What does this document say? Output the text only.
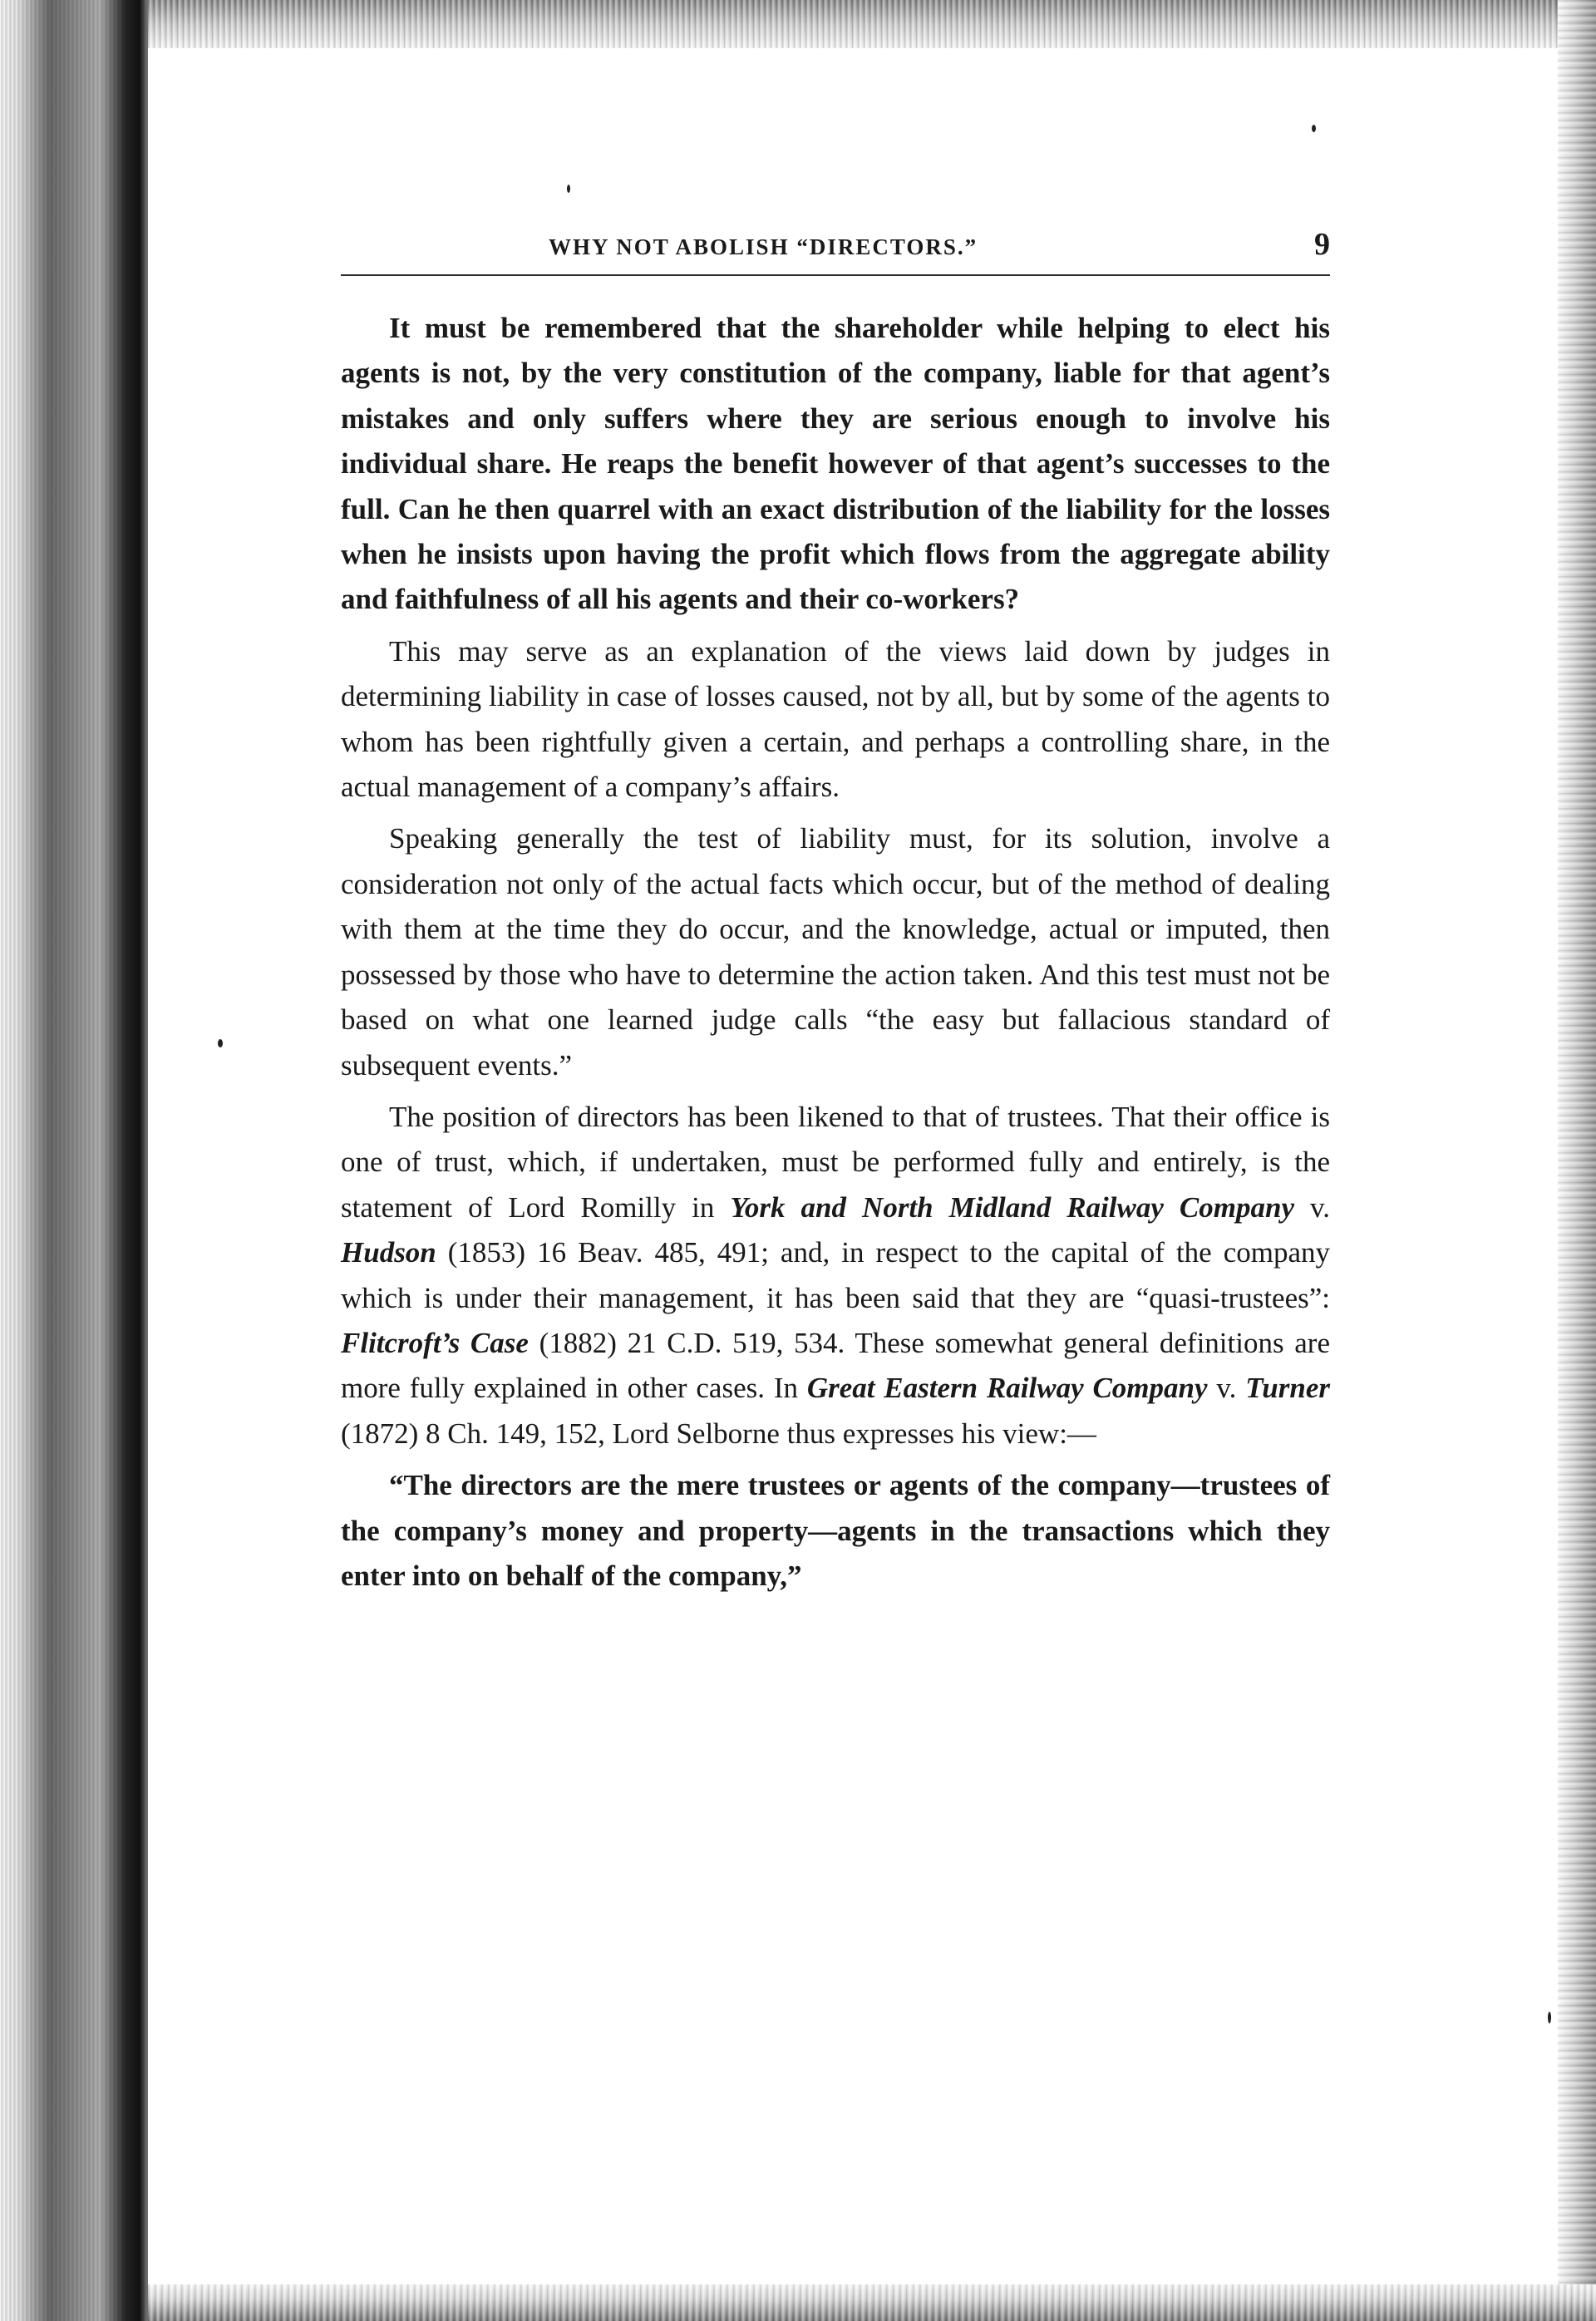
WHY NOT ABOLISH “DIRECTORS.”	9

It must be remembered that the shareholder while helping to elect his agents is not, by the very constitution of the company, liable for that agent’s mistakes and only suffers where they are serious enough to involve his individual share. He reaps the benefit however of that agent’s successes to the full. Can he then quarrel with an exact distribution of the liability for the losses when he insists upon having the profit which flows from the aggregate ability and faithfulness of all his agents and their co-workers?

This may serve as an explanation of the views laid down by judges in determining liability in case of losses caused, not by all, but by some of the agents to whom has been rightfully given a certain, and perhaps a controlling share, in the actual management of a company’s affairs.

Speaking generally the test of liability must, for its solution, involve a consideration not only of the actual facts which occur, but of the method of dealing with them at the time they do occur, and the knowledge, actual or imputed, then possessed by those who have to determine the action taken. And this test must not be based on what one learned judge calls “the easy but fallacious standard of subsequent events.”

The position of directors has been likened to that of trustees. That their office is one of trust, which, if undertaken, must be performed fully and entirely, is the statement of Lord Romilly in York and North Midland Railway Company v. Hudson (1853) 16 Beav. 485, 491; and, in respect to the capital of the company which is under their management, it has been said that they are “quasi-trustees”: Flitcroft’s Case (1882) 21 C.D. 519, 534. These somewhat general definitions are more fully explained in other cases. In Great Eastern Railway Company v. Turner (1872) 8 Ch. 149, 152, Lord Selborne thus expresses his view:—

“The directors are the mere trustees or agents of the company—trustees of the company’s money and property—agents in the transactions which they enter into on behalf of the company,”
